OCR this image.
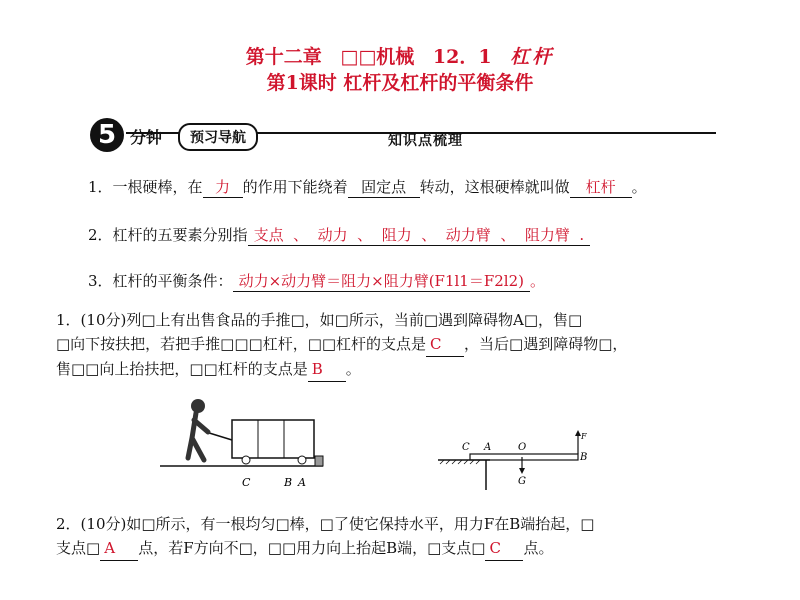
第十二章 □□机械 12．1 杠杆
第1课时 杠杆及杠杆的平衡条件
5 分钟	预习导航	知识点梳理
1．一根硬棒，在 力 的作用下能绕着 固定点 转动，这根硬棒就叫做 杠杆 。
2．杠杆的五要素分别指 支点  、  动力  、  阻力  、  动力臂  、  阻力臂  .
3．杠杆的平衡条件： 动力×动力臂＝阻力×阻力臂(F1l1＝F2l2) 。
1．(10分)列□上有出售食品的手推□，如□所示，当前□遇到障碍物A□，售□
□向下按扶把，若把手推□□□杠杆，□□杠杆的支点是 C ，当后□遇到障碍物□，
售□□向上抬扶把，□□杠杆的支点是 B 。
C	B A
C A	O
F
B
G
2．(10分)如□所示，有一根均匀□棒，□了使它保持水平，用力F在B端抬起，□
支点□ A 点，若F方向不□，□□用力向上抬起B端，□支点□ C 点。
